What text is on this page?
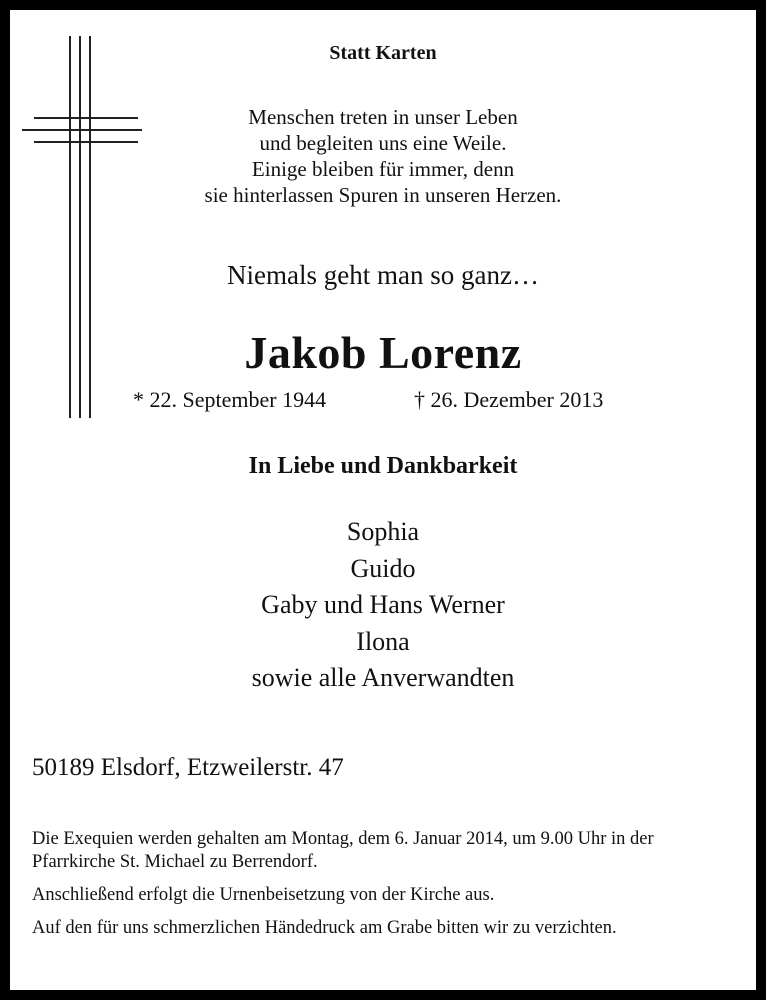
Statt Karten
Menschen treten in unser Leben
und begleiten uns eine Weile.
Einige bleiben für immer, denn
sie hinterlassen Spuren in unseren Herzen.
Niemals geht man so ganz…
Jakob Lorenz
* 22. September 1944	† 26. Dezember 2013
In Liebe und Dankbarkeit
Sophia
Guido
Gaby und Hans Werner
Ilona
sowie alle Anverwandten
50189 Elsdorf, Etzweilerstr. 47

Die Exequien werden gehalten am Montag, dem 6. Januar 2014, um 9.00 Uhr in der Pfarrkirche St. Michael zu Berrendorf.

Anschließend erfolgt die Urnenbeisetzung von der Kirche aus.

Auf den für uns schmerzlichen Händedruck am Grabe bitten wir zu verzichten.
